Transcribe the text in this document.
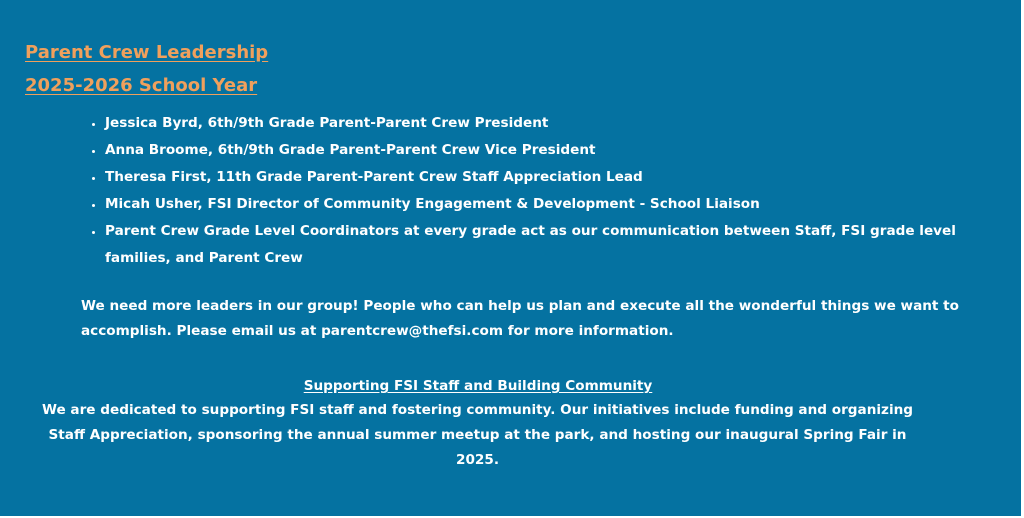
Parent Crew Leadership
2025-2026 School Year
• Jessica Byrd, 6th/9th Grade Parent-Parent Crew President
• Anna Broome, 6th/9th Grade Parent-Parent Crew Vice President
• Theresa First, 11th Grade Parent-Parent Crew Staff Appreciation Lead
• Micah Usher, FSI Director of Community Engagement & Development - School Liaison
• Parent Crew Grade Level Coordinators at every grade act as our communication between Staff, FSI grade level families, and Parent Crew

We need more leaders in our group! People who can help us plan and execute all the wonderful things we want to accomplish. Please email us at parentcrew@thefsi.com for more information.

Supporting FSI Staff and Building Community

We are dedicated to supporting FSI staff and fostering community. Our initiatives include funding and organizing Staff Appreciation, sponsoring the annual summer meetup at the park, and hosting our inaugural Spring Fair in 2025.
